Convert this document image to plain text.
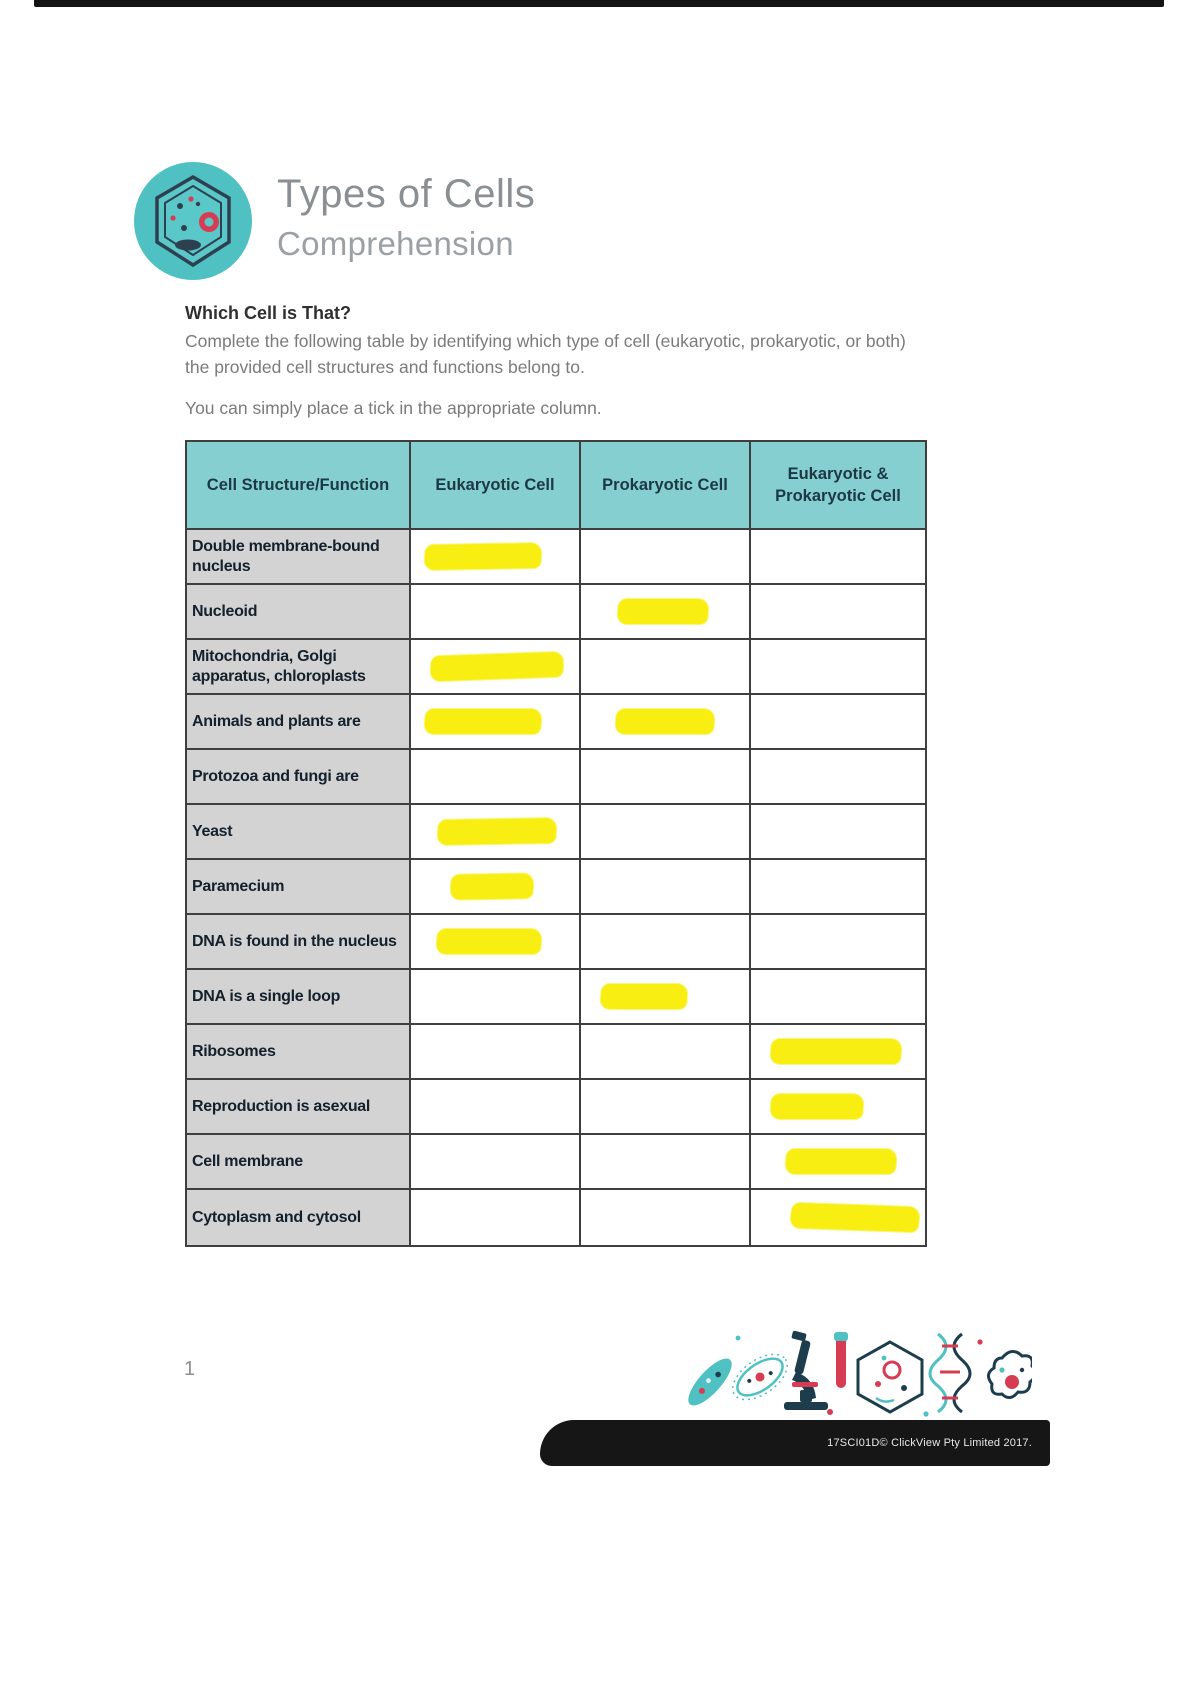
Types of Cells
Comprehension
Which Cell is That?
Complete the following table by identifying which type of cell (eukaryotic, prokaryotic, or both) the provided cell structures and functions belong to.
You can simply place a tick in the appropriate column.
Cell Structure/Function	Eukaryotic Cell	Prokaryotic Cell
Eukaryotic & Prokaryotic Cell
Double membrane-bound nucleus
Nucleoid
Mitochondria, Golgi apparatus, chloroplasts
Animals and plants are
Protozoa and fungi are
Yeast
Paramecium
DNA is found in the nucleus
DNA is a single loop
Ribosomes
Reproduction is asexual
Cell membrane
Cytoplasm and cytosol
1
17SCI01D© ClickView Pty Limited 2017.
